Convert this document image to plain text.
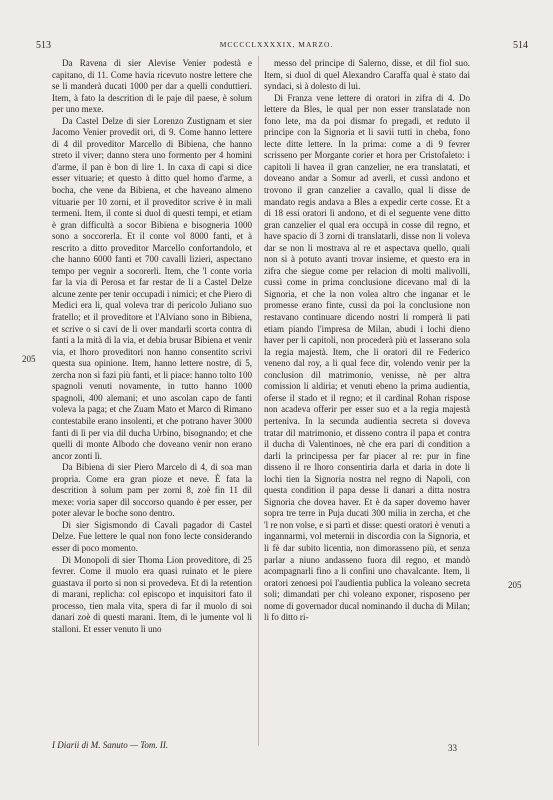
513	MCCCCLXXXXIX, MARZO.	514

Da Ravena di sier Alevise Venier podestà e capitano, di 11. Come havia ricevuto nostre lettere che se li manderà ducati 1000 per dar a quelli conduttieri. Item, à fato la descrition di le paje dil paese, è solum per uno mexe.

Da Castel Delze di sier Lorenzo Zustignam et sier Jacomo Venier provedit ori, di 9. Come hanno lettere di 4 dil proveditor Marcello di Bibiena, che hanno streto il viver; danno stera uno formento per 4 homini d'arme, il pan è bon di lire 1. In caxa di capi si dice esser vituarie; et questo à ditto quel homo d'arme, a bocha, che vene da Bibiena, et che haveano almeno vituarie per 10 zorni, et il proveditor scrive è in mali termeni. Item, il conte si duol di questi tempi, et etiam è gran difficultà a socor Bibiena e bisogneria 1000 sono a soccorerla. Et il conte vol 8000 fanti, et à rescrito a ditto proveditor Marcello confortandolo, et che hanno 6000 fanti et 700 cavalli lizieri, aspectano tempo per vegnir a socorerli. Item, che 'l conte voria far la via di Perosa et far restar de li a Castel Delze alcune zente per tenir occupadi i nimici; et che Piero di Medici era lì, qual voleva trar di pericolo Juliano suo fratello; et il proveditore et l'Alviano sono in Bibiena, et scrive o si cavi de li over mandarli scorta contra di fanti a la mità di la via, et debia brusar Bibiena et venir via, et lhoro proveditori non hanno consentito scrivi questa sua opinione. Item, hanno lettere nostre, di 5, zercha non si fazi più fanti, et li piace: hanno tolto 100 spagnoli venuti novamente, in tutto hanno 1000 spagnoli, 400 alemani; et uno ascolan capo de fanti voleva la paga; et che Zuam Mato et Marco di Rimano contestabile erano insolenti, et che potrano haver 3000 fanti di lì per via dil ducha Urbino, bisognando; et che quelli di monte Albodo che doveano venir non erano ancor zonti lì.

Da Bibiena di sier Piero Marcelo di 4, di soa man propria. Come era gran pioze et neve. È fata la descrition à solum pam per zorni 8, zoè fin 11 dil mexe: voria saper dil soccorso quando è per esser, per poter alevar le boche sono dentro.

Di sier Sigismondo di Cavali pagador di Castel Delze. Fue lettere le qual non fono lecte considerando esser di poco momento.

Di Monopoli di sier Thoma Lion proveditore, di 25 fevrer. Come il muolo era quasi ruinato et le piere guastava il porto si non si provedeva. Et di la retention di marani, replicha: col episcopo et inquisitori fato il processo, tien mala vita, spera di far il muolo di soi danari zoè di questi marani. Item, di le jumente vol li stalloni. Et esser venuto lì uno

messo del principe di Salerno, disse, et dil fiol suo. Item, si duol di quel Alexandro Caraffa qual è stato dai syndaci, si à dolesto di lui.

Di Franza vene lettere di oratori in zifra di 4. Do lettere da Bles, le qual per non esser translatade non fono lete, ma da poi dismar fo pregadi, et reduto il principe con la Signoria et li savii tutti in cheba, fono lecte ditte lettere. In la prima: come a di 9 fevrer scrisseno per Morgante corier et hora per Cristofaleto: i capitoli li havea il gran canzelier, ne era translatati, et doveano andar a Somur ad averli, et cussì andono et trovono il gran canzelier a cavallo, qual li disse de mandato regis andava a Bles a expedir certe cosse. Et a di 18 essi oratori lì andono, et di el seguente vene ditto gran canzelier el qual era occupà in cosse dil regno, et have spacio di 3 zorni di translatarli, disse non li voleva dar se non li mostrava al re et aspectava quello, quali non si à potuto avanti trovar insieme, et questo era in zifra che siegue come per relacion di molti malivolli, cussì come in prima conclusione dicevano mal di la Signoria, et che la non volea altro che inganar et le promesse erano finte, cussì da poi la conclusione non restavano continuare dicendo nostri li romperà li pati etiam piando l'impresa de Milan, abudi i lochi dieno haver per li capitoli, non procederà più et lasserano sola la regia majestà. Item, che li oratori dil re Federico veneno dal roy, a li qual fece dir, volendo venir per la conclusion dil matrimonio, venisse, nè per altra comission li aldiria; et venuti ebeno la prima audientia, oferse il stado et il regno; et il cardinal Rohan rispose non acadeva offerir per esser suo et a la regia majestà perteniva. In la secunda audientia secreta si doveva tratar dil matrimonio, et disseno contra il papa et contra il ducha di Valentinoes, nè che era pari di condition a darli la principessa per far piacer al re: pur in fine disseno il re lhoro consentiria darla et daria in dote li lochi tien la Signoria nostra nel regno di Napoli, con questa condition il papa desse li danari a ditta nostra Signoria che dovea haver. Et è da saper dovemo haver sopra tre terre in Puja ducati 300 milia in zercha, et che 'l re non volse, e si partì et disse: questi oratori è venuti a ingannarmi, vol meternii in discordia con la Signoria, et li fè dar subito licentia, non dimorasseno più, et senza parlar a niuno andasseno fuora dil regno, et mandò acompagnarli fino a li confini uno chavalcante. Item, li oratori zenoesi poi l'audientia publica la voleano secreta soli; dimandati per chi voleano exponer, risposeno per nome di governador ducal nominando il ducha di Milan; li fo ditto ri-

205
205
I Diarii di M. Sanuto — Tom. II.	33
